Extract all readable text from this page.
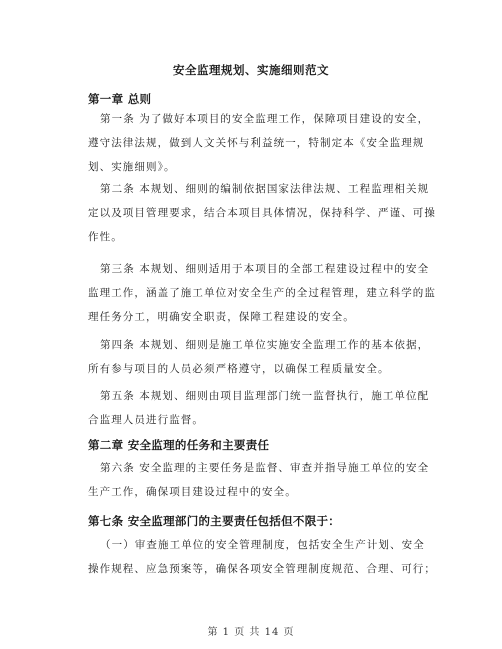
安全监理规划、实施细则范文
第一章 总则
第一条 为了做好本项目的安全监理工作，保障项目建设的安全，
遵守法律法规，做到人文关怀与利益统一，特制定本《安全监理规
划、实施细则》。
第二条 本规划、细则的编制依据国家法律法规、工程监理相关规
定以及项目管理要求，结合本项目具体情况，保持科学、严谨、可操
作性。
第三条 本规划、细则适用于本项目的全部工程建设过程中的安全
监理工作，涵盖了施工单位对安全生产的全过程管理，建立科学的监
理任务分工，明确安全职责，保障工程建设的安全。
第四条 本规划、细则是施工单位实施安全监理工作的基本依据，
所有参与项目的人员必须严格遵守，以确保工程质量安全。
第五条 本规划、细则由项目监理部门统一监督执行，施工单位配
合监理人员进行监督。
第二章 安全监理的任务和主要责任
第六条 安全监理的主要任务是监督、审查并指导施工单位的安全
生产工作，确保项目建设过程中的安全。
第七条 安全监理部门的主要责任包括但不限于：
（一）审查施工单位的安全管理制度，包括安全生产计划、安全
操作规程、应急预案等，确保各项安全管理制度规范、合理、可行；
第 1 页 共 14 页
